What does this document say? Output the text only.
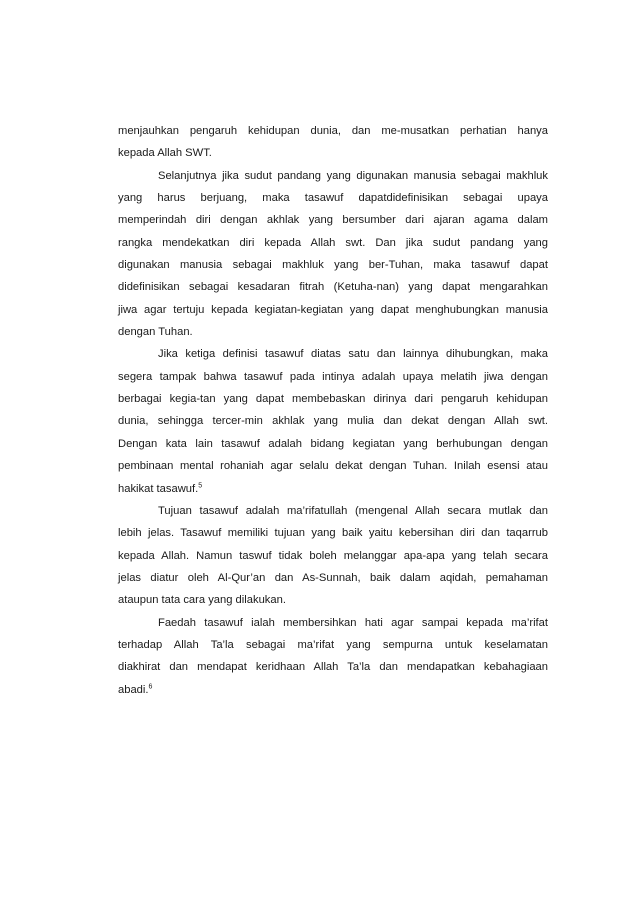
menjauhkan pengaruh kehidupan dunia, dan me-musatkan perhatian hanya
kepada Allah SWT.
Selanjutnya jika sudut pandang yang digunakan manusia sebagai makhluk
yang harus berjuang, maka tasawuf dapatdidefinisikan sebagai upaya
memperindah diri dengan akhlak yang bersumber dari ajaran agama dalam
rangka mendekatkan diri kepada Allah swt. Dan jika sudut pandang yang
digunakan manusia sebagai makhluk yang ber-Tuhan, maka tasawuf dapat
didefinisikan sebagai kesadaran fitrah (Ketuha-nan) yang dapat mengarahkan
jiwa agar tertuju kepada kegiatan-kegiatan yang dapat menghubungkan manusia
dengan Tuhan.
Jika ketiga definisi tasawuf diatas satu dan lainnya dihubungkan, maka
segera tampak bahwa tasawuf pada intinya adalah upaya melatih jiwa dengan
berbagai kegia-tan yang dapat membebaskan dirinya dari pengaruh kehidupan
dunia, sehingga tercer-min akhlak yang mulia dan dekat dengan Allah swt.
Dengan kata lain tasawuf adalah bidang kegiatan yang berhubungan dengan
pembinaan mental rohaniah agar selalu dekat dengan Tuhan. Inilah esensi atau
hakikat tasawuf.$^5$
Tujuan tasawuf adalah ma’rifatullah (mengenal Allah secara mutlak dan
lebih jelas. Tasawuf memiliki tujuan yang baik yaitu kebersihan diri dan taqarrub
kepada Allah. Namun taswuf tidak boleh melanggar apa-apa yang telah secara
jelas diatur oleh Al-Qur’an dan As-Sunnah, baik dalam aqidah, pemahaman
ataupun tata cara yang dilakukan.
Faedah tasawuf ialah membersihkan hati agar sampai kepada ma’rifat
terhadap Allah Ta’la sebagai ma’rifat yang sempurna untuk keselamatan
diakhirat dan mendapat keridhaan Allah Ta’la dan mendapatkan kebahagiaan
abadi.$^6$
